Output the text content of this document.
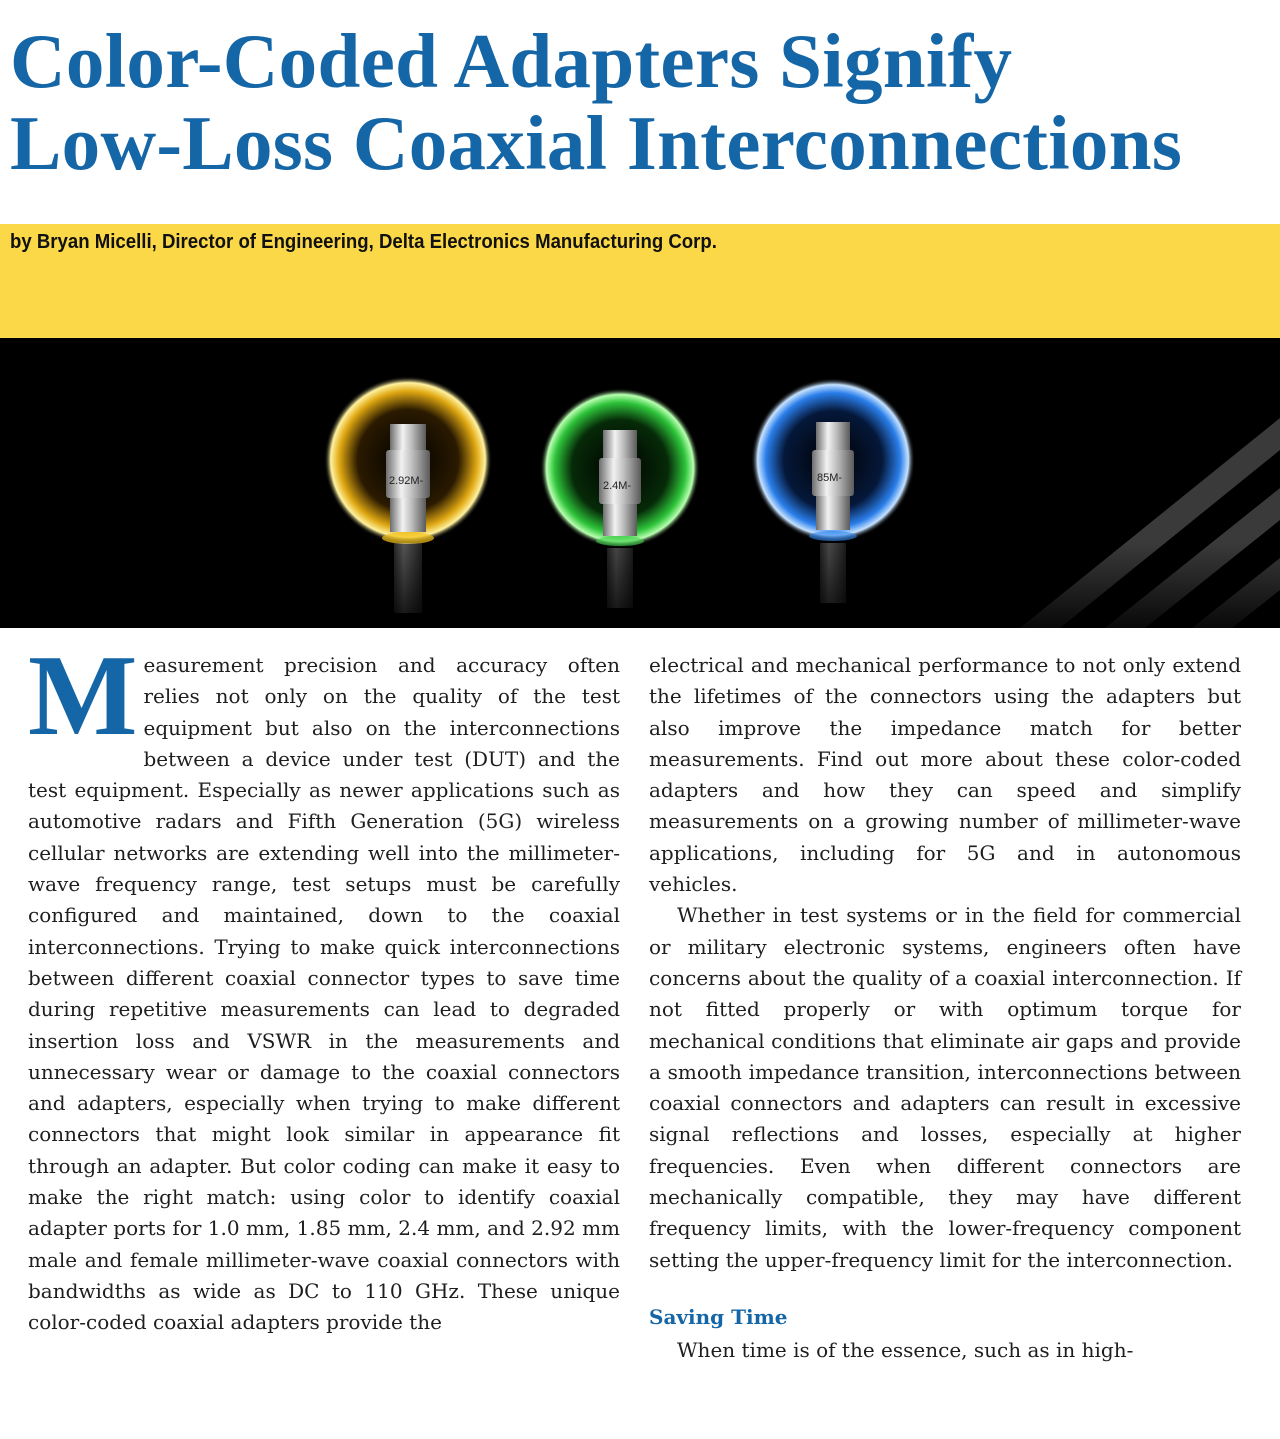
Color-Coded Adapters Signify
Low-Loss Coaxial Interconnections
by Bryan Micelli, Director of Engineering, Delta Electronics Manufacturing Corp.
2.92M-	2.4M-
85M-

Measurement precision and accuracy often relies not only on the quality of the test equipment but also on the interconnections between a device under test (DUT) and the test equipment. Especially as newer applications such as automotive radars and Fifth Generation (5G) wireless cellular networks are extending well into the millimeter-wave frequency range, test setups must be carefully configured and maintained, down to the coaxial interconnections. Trying to make quick interconnections between different coaxial connector types to save time during repetitive measurements can lead to degraded insertion loss and VSWR in the measurements and unnecessary wear or damage to the coaxial connectors and adapters, especially when trying to make different connectors that might look similar in appearance fit through an adapter. But color coding can make it easy to make the right match: using color to identify coaxial adapter ports for 1.0 mm, 1.85 mm, 2.4 mm, and 2.92 mm male and female millimeter-wave coaxial connectors with bandwidths as wide as DC to 110 GHz. These unique color-coded coaxial adapters provide the

electrical and mechanical performance to not only extend the lifetimes of the connectors using the adapters but also improve the impedance match for better measurements. Find out more about these color-coded adapters and how they can speed and simplify measurements on a growing number of millimeter-wave applications, including for 5G and in autonomous vehicles.

Whether in test systems or in the field for commercial or military electronic systems, engineers often have concerns about the quality of a coaxial interconnection. If not fitted properly or with optimum torque for mechanical conditions that eliminate air gaps and provide a smooth impedance transition, interconnections between coaxial connectors and adapters can result in excessive signal reflections and losses, especially at higher frequencies. Even when different connectors are mechanically compatible, they may have different frequency limits, with the lower-frequency component setting the upper-frequency limit for the interconnection.

Saving Time

When time is of the essence, such as in high-
